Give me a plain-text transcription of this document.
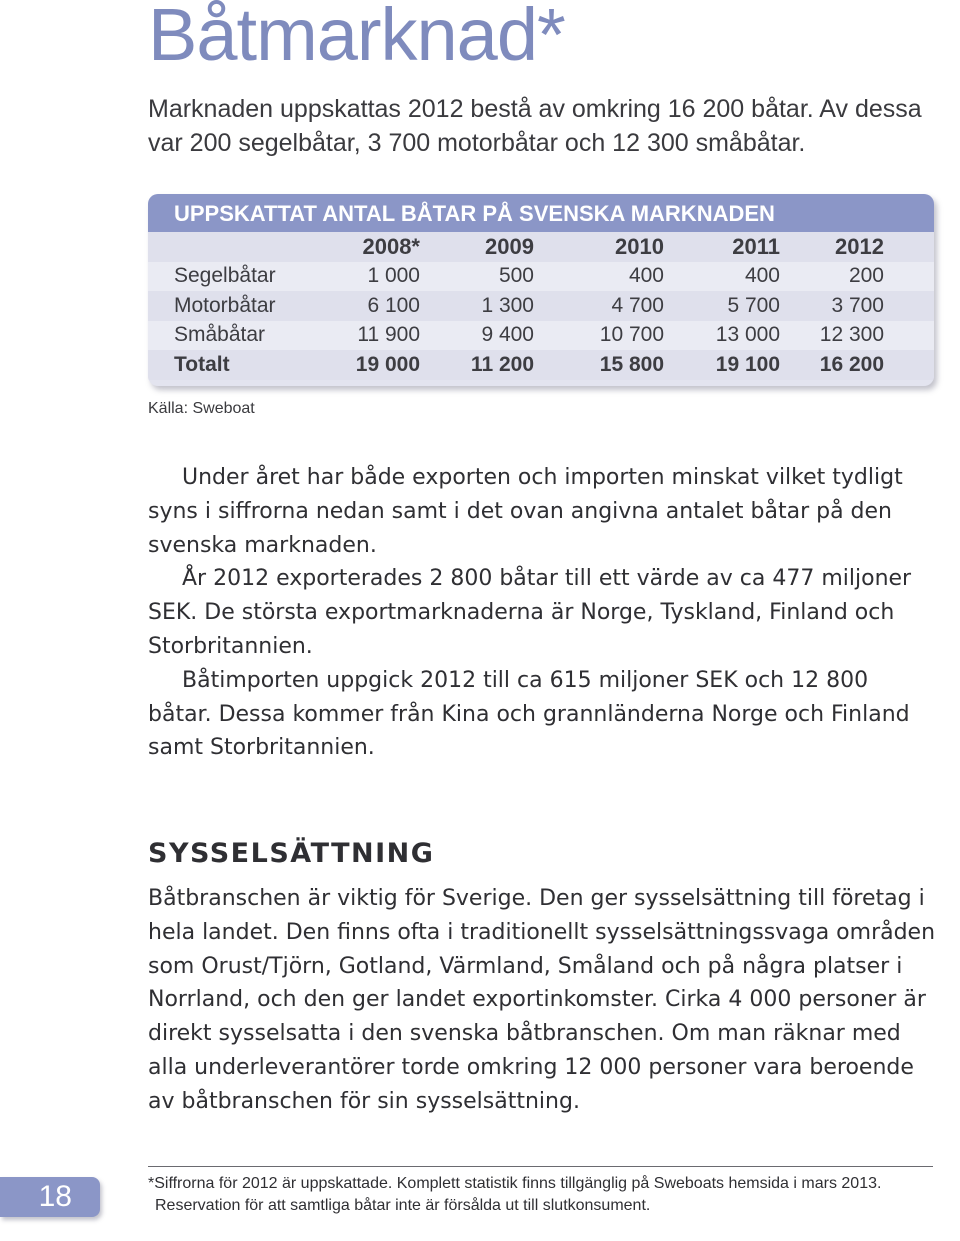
Båtmarknad*

Marknaden uppskattas 2012 bestå av omkring 16 200 båtar. Av dessa var 200 segelbåtar, 3 700 motorbåtar och 12 300 småbåtar.

UPPSKATTAT ANTAL BÅTAR PÅ SVENSKA MARKNADEN
	2008*	2009	2010	2011	2012
Segelbåtar	1 000	500	400	400	200
Motorbåtar	6 100	1 300	4 700	5 700	3 700
Småbåtar	11 900	9 400	10 700	13 000	12 300
Totalt	19 000	11 200	15 800	19 100	16 200

Källa: Sweboat

Under året har både exporten och importen minskat vilket tydligt syns i siffrorna nedan samt i det ovan angivna antalet båtar på den svenska marknaden.

År 2012 exporterades 2 800 båtar till ett värde av ca 477 miljoner SEK. De största exportmarknaderna är Norge, Tyskland, Finland och Storbritannien.

Båtimporten uppgick 2012 till ca 615 miljoner SEK och 12 800 båtar. Dessa kommer från Kina och grannländerna Norge och Finland samt Storbritannien.

SYSSELSÄTTNING

Båtbranschen är viktig för Sverige. Den ger sysselsättning till företag i hela landet. Den finns ofta i traditionellt sysselsättningssvaga områden som Orust/Tjörn, Gotland, Värmland, Småland och på några platser i Norrland, och den ger landet exportinkomster. Cirka 4 000 personer är direkt sysselsatta i den svenska båtbranschen. Om man räknar med alla underleverantörer torde omkring 12 000 personer vara beroende av båtbranschen för sin sysselsättning.

18	*Siffrorna för 2012 är uppskattade. Komplett statistik finns tillgänglig på Sweboats hemsida i mars 2013.
Reservation för att samtliga båtar inte är försålda ut till slutkonsument.
